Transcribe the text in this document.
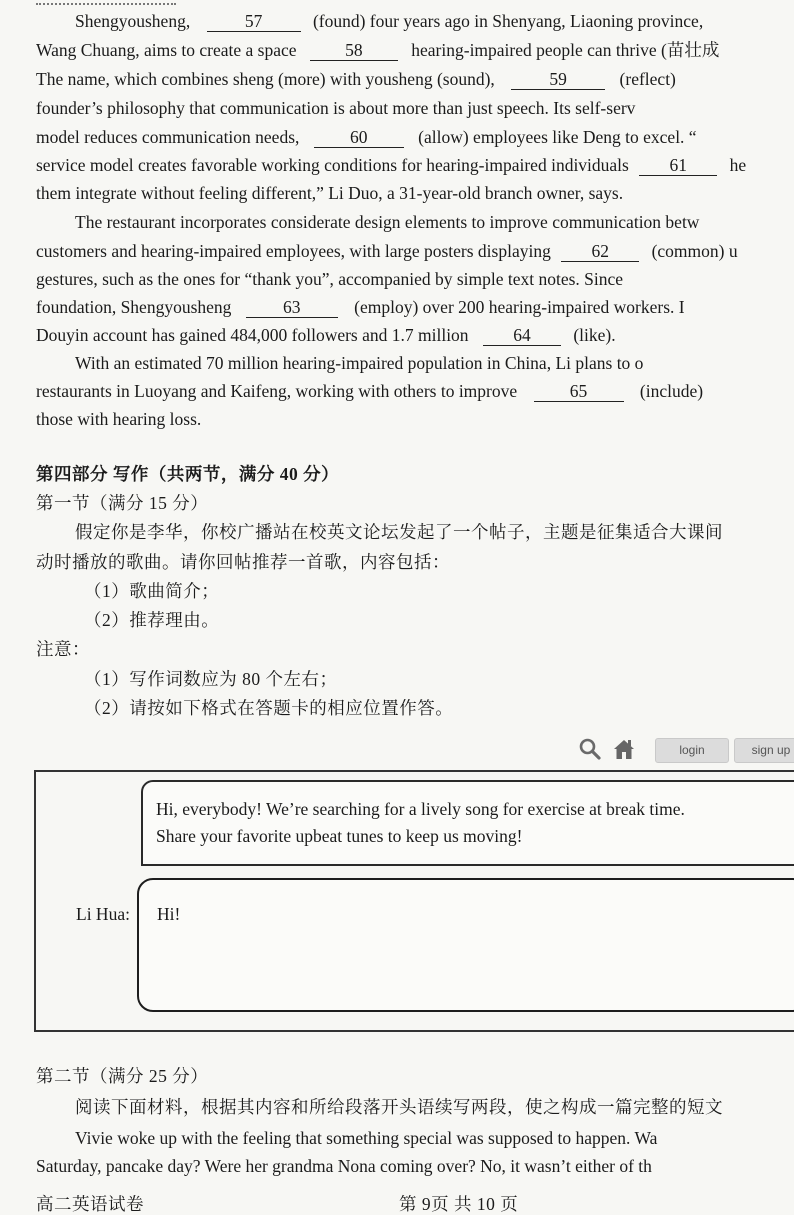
Shengyousheng,	57	(found) four years ago in Shenyang, Liaoning province,
Wang Chuang, aims to create a space	58	hearing-impaired people can thrive (苗壮成
The name, which combines sheng (more) with yousheng (sound),	59	(reflect)
founder’s philosophy that communication is about more than just speech. Its self-serv
model reduces communication needs,	60	(allow) employees like Deng to excel. “
service model creates favorable working conditions for hearing-impaired individuals 61 he
them integrate without feeling different,” Li Duo, a 31-year-old branch owner, says.
The restaurant incorporates considerate design elements to improve communication betw
customers and hearing-impaired employees, with large posters displaying 62 (common) u
gestures, such as the ones for “thank you”, accompanied by simple text notes. Since
foundation, Shengyousheng	63	(employ) over 200 hearing-impaired workers. I
Douyin account has gained 484,000 followers and 1.7 million	64 (like).
With an estimated 70 million hearing-impaired population in China, Li plans to o
restaurants in Luoyang and Kaifeng, working with others to improve	65	(include)
those with hearing loss.
第四部分 写作（共两节，满分 40 分）
第一节（满分 15 分）
假定你是李华，你校广播站在校英文论坛发起了一个帖子，主题是征集适合大课间
动时播放的歌曲。请你回帖推荐一首歌，内容包括：
（1）歌曲简介；
（2）推荐理由。
注意：
（1）写作词数应为 80 个左右；
（2）请按如下格式在答题卡的相应位置作答。
login	sign up
Hi, everybody! We’re searching for a lively song for exercise at break time.
Share your favorite upbeat tunes to keep us moving!
Li Hua: Hi!
第二节（满分 25 分）
阅读下面材料，根据其内容和所给段落开头语续写两段，使之构成一篇完整的短文
Vivie woke up with the feeling that something special was supposed to happen. Wa
Saturday, pancake day? Were her grandma Nona coming over? No, it wasn’t either of th
高二英语试卷	第 9页 共 10 页
